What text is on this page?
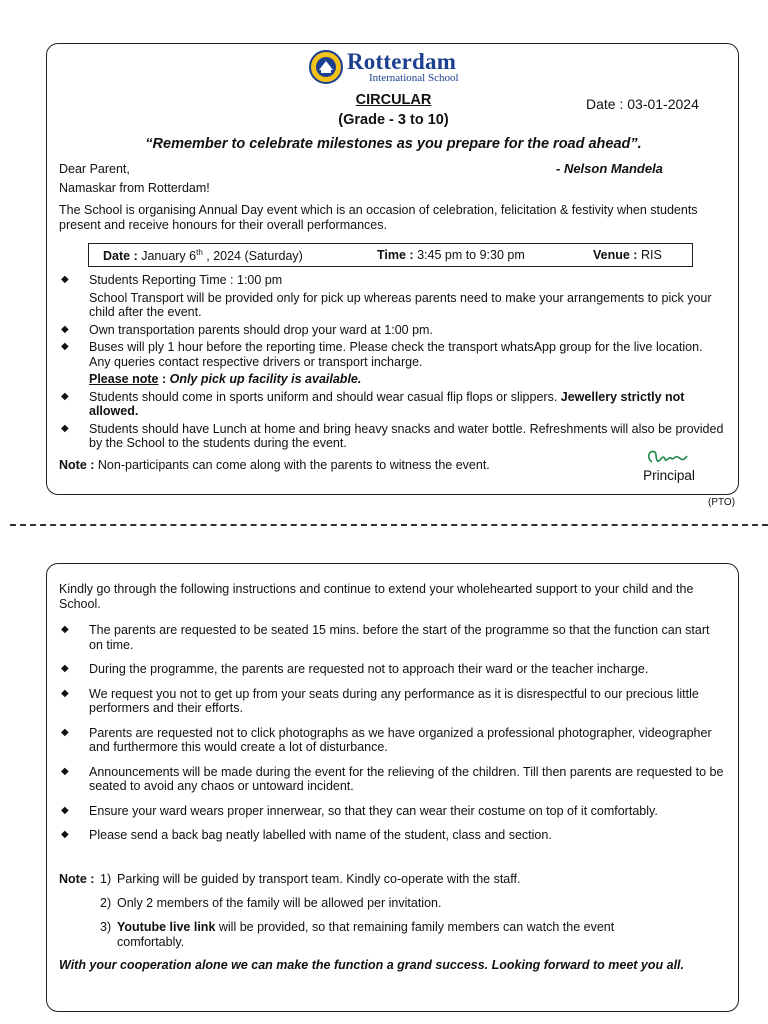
Rotterdam
International School
CIRCULAR
(Grade - 3 to 10)
Date : 03-01-2024
“Remember to celebrate milestones as you prepare for the road ahead”.
- Nelson Mandela
Dear Parent,
Namaskar from Rotterdam!
The School is organising Annual Day event which is an occasion of celebration, felicitation & festivity when students present and receive honours for their overall performances.
Date : January 6th , 2024 (Saturday)	Time : 3:45 pm to 9:30 pm	Venue : RIS
◆ Students Reporting Time : 1:00 pm
School Transport will be provided only for pick up whereas parents need to make your arrangements to pick your child after the event.
◆ Own transportation parents should drop your ward at 1:00 pm.
◆ Buses will ply 1 hour before the reporting time. Please check the transport whatsApp group for the live location. Any queries contact respective drivers or transport incharge.
Please note : Only pick up facility is available.
◆ Students should come in sports uniform and should wear casual flip flops or slippers. Jewellery strictly not allowed.
◆ Students should have Lunch at home and bring heavy snacks and water bottle. Refreshments will also be provided by the School to the students during the event.
Note : Non-participants can come along with the parents to witness the event.
Principal
(PTO)
Kindly go through the following instructions and continue to extend your wholehearted support to your child and the School.
◆ The parents are requested to be seated 15 mins. before the start of the programme so that the function can start on time.
◆ During the programme, the parents are requested not to approach their ward or the teacher incharge.
◆ We request you not to get up from your seats during any performance as it is disrespectful to our precious little performers and their efforts.
◆ Parents are requested not to click photographs as we have organized a professional photographer, videographer and furthermore this would create a lot of disturbance.
◆ Announcements will be made during the event for the relieving of the children. Till then parents are requested to be seated to avoid any chaos or untoward incident.
◆ Ensure your ward wears proper innerwear, so that they can wear their costume on top of it comfortably.
◆ Please send a back bag neatly labelled with name of the student, class and section.
Note : 1) Parking will be guided by transport team. Kindly co-operate with the staff.
2) Only 2 members of the family will be allowed per invitation.
3) Youtube live link will be provided, so that remaining family members can watch the event comfortably.
With your cooperation alone we can make the function a grand success. Looking forward to meet you all.
